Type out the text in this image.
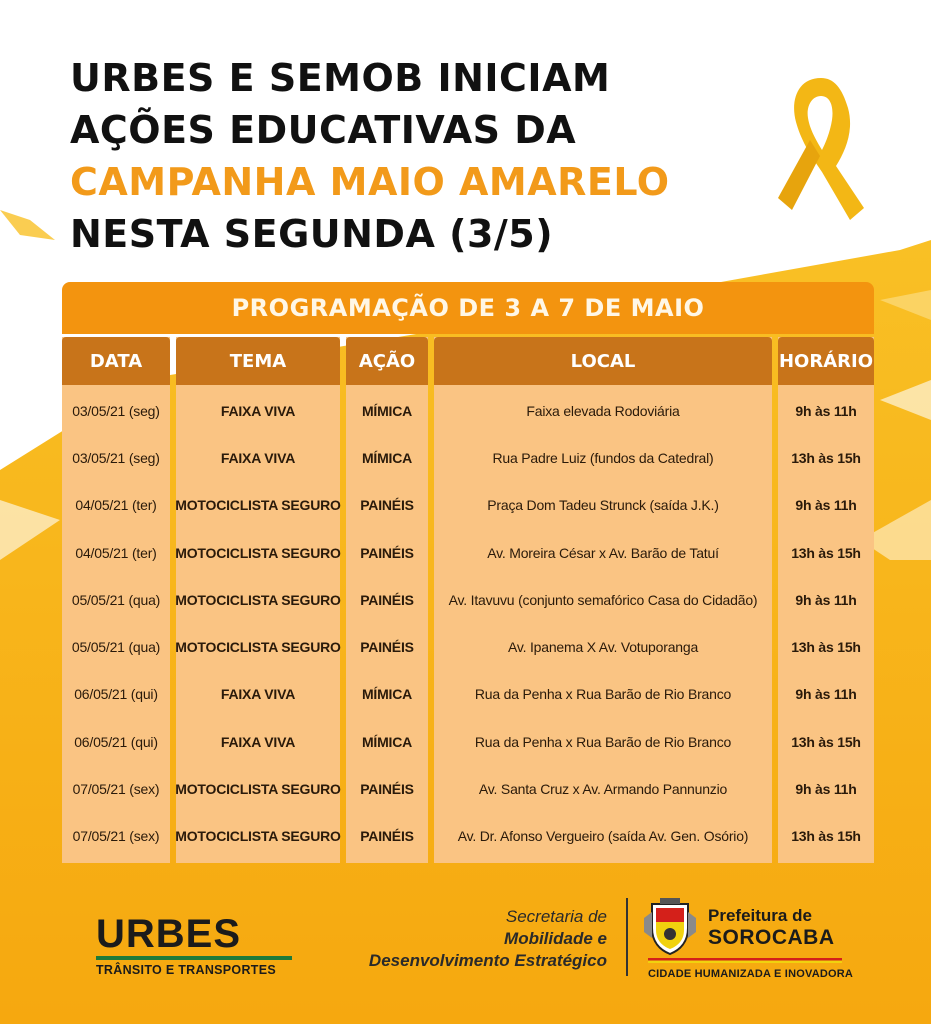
URBES E SEMOB INICIAM
AÇÕES EDUCATIVAS DA
CAMPANHA MAIO AMARELO
NESTA SEGUNDA (3/5)
PROGRAMAÇÃO DE 3 A 7 DE MAIO
DATA
03/05/21 (seg)
03/05/21 (seg)
04/05/21 (ter)
04/05/21 (ter)
05/05/21 (qua)
05/05/21 (qua)
06/05/21 (qui)
06/05/21 (qui)
07/05/21 (sex)
07/05/21 (sex)
TEMA
FAIXA VIVA
FAIXA VIVA
MOTOCICLISTA SEGURO
MOTOCICLISTA SEGURO
MOTOCICLISTA SEGURO
MOTOCICLISTA SEGURO
FAIXA VIVA
FAIXA VIVA
MOTOCICLISTA SEGURO
MOTOCICLISTA SEGURO
AÇÃO
MÍMICA
MÍMICA
PAINÉIS
PAINÉIS
PAINÉIS
PAINÉIS
MÍMICA
MÍMICA
PAINÉIS
PAINÉIS
LOCAL
Faixa elevada Rodoviária
Rua Padre Luiz (fundos da Catedral)
Praça Dom Tadeu Strunck (saída J.K.)
Av. Moreira César x Av. Barão de Tatuí
Av. Itavuvu (conjunto semafórico Casa do Cidadão)
Av. Ipanema X Av. Votuporanga
Rua da Penha x Rua Barão de Rio Branco
Rua da Penha x Rua Barão de Rio Branco
Av. Santa Cruz x Av. Armando Pannunzio
Av. Dr. Afonso Vergueiro (saída Av. Gen. Osório)
HORÁRIO
9h às 11h
13h às 15h
9h às 11h
13h às 15h
9h às 11h
13h às 15h
9h às 11h
13h às 15h
9h às 11h
13h às 15h
URBES
TRÂNSITO E TRANSPORTES
Secretaria de
Mobilidade e
Desenvolvimento Estratégico
Prefeitura de
SOROCABA
CIDADE HUMANIZADA E INOVADORA
